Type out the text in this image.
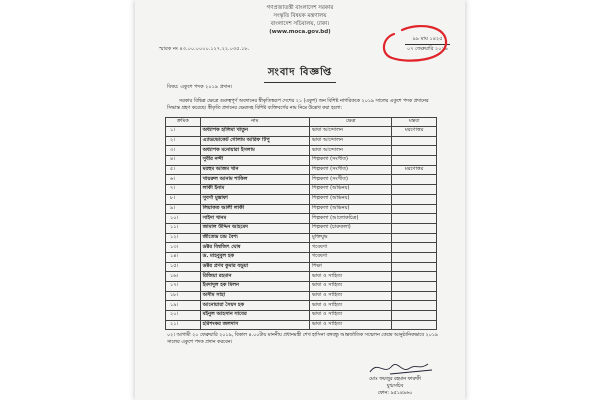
গণপ্রজাতন্ত্রী বাংলাদেশ সরকার
সংস্কৃতি বিষয়ক মন্ত্রণালয়
বাংলাদেশ সচিবালয়, ঢাকা।
(www.moca.gov.bd)
স্মারক নং ৪৩.০০.০০০০.১২৭.২২.০৩৫.১৮.
৯৯ মাঘ ১৪২৫
০৭ ফেব্রুয়ারি ২০১৯
সংবাদ বিজ্ঞপ্তি
বিষয়: একুশে পদক ২০১৯ প্রদান।
সরকার বিভিন্ন ক্ষেত্রে গুরুত্বপূর্ণ অবদানের স্বীকৃতিস্বরূপ দেশের ২১ (একুশ) জন বিশিষ্ট নাগরিককে ২০১৯ সালের একুশে পদক প্রদানের সিদ্ধান্ত গ্রহণ করেছে। স্বীকৃতি প্রদানের ক্ষেত্রসহ বিশিষ্ট ব্যক্তিবর্গের নাম নিম্নে উল্লেখ করা হলো:
ক্রমিক	নাম	ক্ষেত্র	মন্তব্য
১।	অধ্যাপক হালিমা খাতুন	ভাষা আন্দোলন	মরণোত্তর
২।	এ্যাডভোকেট গোলাম আরিফ টিপু	ভাষা আন্দোলন	
৩।	অধ্যাপক মনোয়ারা ইসলাম	ভাষা আন্দোলন	
৪।	সুবীর নন্দী	শিল্পকলা (সংগীত)	
৫।	মরহুম আজম খান	শিল্পকলা (সংগীত)	মরণোত্তর
৬।	খায়রুল আনাম শাকিল	শিল্পকলা (সংগীত)	
৭।	লাকী ইনাম	শিল্পকলা (অভিনয়)	
৮।	সুবর্ণা মুস্তাফা	শিল্পকলা (অভিনয়)	
৯।	লিয়াকত আলী লাকী	শিল্পকলা (অভিনয়)	
১০।	সাইদা খানম	শিল্পকলা (আলোকচিত্র)	
১১।	জামাল উদ্দিন আহমেদ	শিল্পকলা (চারুকলা)	
১২।	জীতেন্দ্র চন্দ্র বৈশ্য	মুক্তিযুদ্ধ	
১৩।	ডক্টর বিশ্বজিৎ ঘোষ	গবেষণা	
১৪।	ড. মাহবুবুল হক	গবেষণা	
১৫।	ডক্টর প্রণব কুমার বড়ুয়া	শিক্ষা	
১৬।	রিজিয়া রহমান	ভাষা ও সাহিত্য	
১৭।	ইমদাদুল হক মিলন	ভাষা ও সাহিত্য	
১৮।	অসীম সাহা	ভাষা ও সাহিত্য	
১৯।	আনোয়ারা সৈয়দ হক	ভাষা ও সাহিত্য	
২০।	মইনুল আহসান সাবের	ভাষা ও সাহিত্য	
২১।	হরিশংকর জলদাস	ভাষা ও সাহিত্য	
০২। আগামী ২০ ফেব্রুয়ারি ২০১৯, বিকাল ৪.০০টায় মাননীয় প্রধানমন্ত্রী শেখ হাসিনা বঙ্গবন্ধু আন্তর্জাতিক সম্মেলন কেন্দ্রে আনুষ্ঠানিকভাবে ২০১৯ সালের একুশে পদক প্রদান করবেন।
মোঃ ফয়জুর রহমান ফারুকী
যুগ্মসচিব
ফোন: ৯৫১৪৯৬০
